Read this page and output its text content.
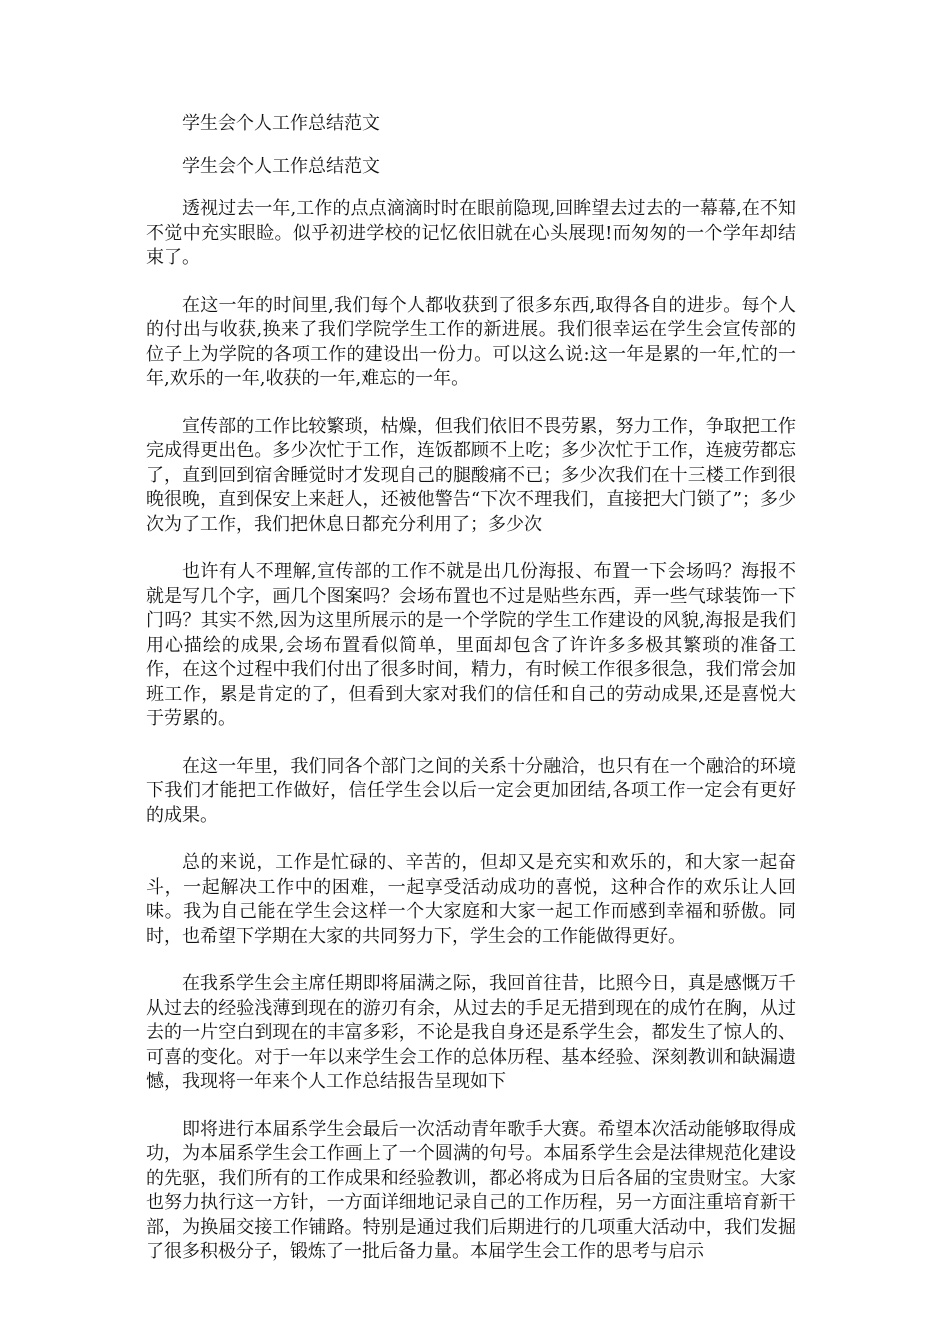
学生会个人工作总结范文
学生会个人工作总结范文

透视过去一年,工作的点点滴滴时时在眼前隐现,回眸望去过去的一幕幕,在不知不觉中充实眼睑。似乎初进学校的记忆依旧就在心头展现!而匆匆的一个学年却结束了。

在这一年的时间里,我们每个人都收获到了很多东西,取得各自的进步。每个人的付出与收获,换来了我们学院学生工作的新进展。我们很幸运在学生会宣传部的位子上为学院的各项工作的建设出一份力。可以这么说:这一年是累的一年,忙的一年,欢乐的一年,收获的一年,难忘的一年。

宣传部的工作比较繁琐，枯燥，但我们依旧不畏劳累，努力工作，争取把工作完成得更出色。多少次忙于工作，连饭都顾不上吃；多少次忙于工作，连疲劳都忘了，直到回到宿舍睡觉时才发现自己的腿酸痛不已；多少次我们在十三楼工作到很晚很晚，直到保安上来赶人，还被他警告“下次不理我们，直接把大门锁了”；多少次为了工作，我们把休息日都充分利用了；多少次

也许有人不理解,宣传部的工作不就是出几份海报、布置一下会场吗？海报不就是写几个字，画几个图案吗？会场布置也不过是贴些东西，弄一些气球装饰一下门吗？其实不然,因为这里所展示的是一个学院的学生工作建设的风貌,海报是我们用心描绘的成果,会场布置看似简单，里面却包含了许许多多极其繁琐的准备工作，在这个过程中我们付出了很多时间，精力，有时候工作很多很急，我们常会加班工作，累是肯定的了，但看到大家对我们的信任和自己的劳动成果,还是喜悦大于劳累的。

在这一年里，我们同各个部门之间的关系十分融洽，也只有在一个融洽的环境下我们才能把工作做好，信任学生会以后一定会更加团结,各项工作一定会有更好的成果。

总的来说，工作是忙碌的、辛苦的，但却又是充实和欢乐的，和大家一起奋斗，一起解决工作中的困难，一起享受活动成功的喜悦，这种合作的欢乐让人回味。我为自己能在学生会这样一个大家庭和大家一起工作而感到幸福和骄傲。同时，也希望下学期在大家的共同努力下，学生会的工作能做得更好。

在我系学生会主席任期即将届满之际，我回首往昔，比照今日，真是感慨万千从过去的经验浅薄到现在的游刃有余，从过去的手足无措到现在的成竹在胸，从过去的一片空白到现在的丰富多彩，不论是我自身还是系学生会，都发生了惊人的、可喜的变化。对于一年以来学生会工作的总体历程、基本经验、深刻教训和缺漏遗憾，我现将一年来个人工作总结报告呈现如下

即将进行本届系学生会最后一次活动青年歌手大赛。希望本次活动能够取得成功，为本届系学生会工作画上了一个圆满的句号。本届系学生会是法律规范化建设的先驱，我们所有的工作成果和经验教训，都必将成为日后各届的宝贵财宝。大家也努力执行这一方针，一方面详细地记录自己的工作历程，另一方面注重培育新干部，为换届交接工作铺路。特别是通过我们后期进行的几项重大活动中，我们发掘了很多积极分子，锻炼了一批后备力量。本届学生会工作的思考与启示
